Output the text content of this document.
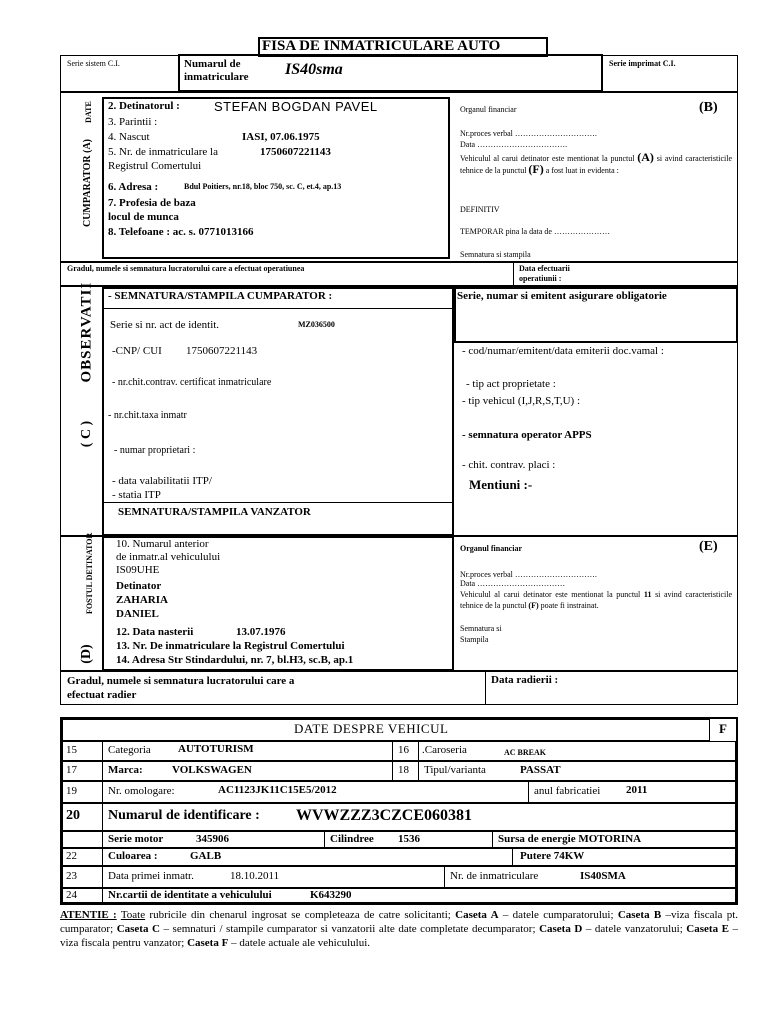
FISA DE INMATRICULARE AUTO
Serie sistem C.I.	Numarul de inmatriculare	IS40sma	Serie imprimat C.I.
DATE
CUMPARATOR (A)
2. Detinatorul :	STEFAN BOGDAN PAVEL
3. Parintii :
4. Nascut	IASI, 07.06.1975
5. Nr. de inmatriculare la	1750607221143
Registrul Comertului
6. Adresa :	Bdul Poitiers, nr.18, bloc 750, sc. C, et.4, ap.13
7. Profesia de baza
locul de munca
8. Telefoane : ac. s. 0771013166
Organul financiar	(B)
Nr.proces verbal ………………………….
Data …………………………….
Vehiculul al carui detinator este mentionat la punctul (A) si avind caracteristicile tehnice de la punctul (F) a fost luat in evidenta :
DEFINITIV
TEMPORAR pina la data de …………………
Semnatura si stampila
Gradul, numele si semnatura lucratorului care a efectuat operatiunea	Data efectuarii operatiunii :
OBSERVATII
( C )
- SEMNATURA/STAMPILA CUMPARATOR :
Serie si nr. act de identit.	MZ036500
-CNP/ CUI 1750607221143
- nr.chit.contrav. certificat inmatriculare
- nr.chit.taxa inmatr
- numar proprietari :
- data valabilitatii ITP/
- statia ITP
SEMNATURA/STAMPILA VANZATOR
Serie, numar si emitent asigurare obligatorie
- cod/numar/emitent/data emiterii doc.vamal :
- tip act proprietate :
- tip vehicul (I,J,R,S,T,U) :
- semnatura operator APPS
- chit. contrav. placi :
Mentiuni :-
FOSTUL DETINATOR
(D)
10. Numarul anterior
de inmatr.al vehiculului
IS09UHE
Detinator
ZAHARIA
DANIEL
12. Data nasterii	13.07.1976
13. Nr. De inmatriculare la Registrul Comertului
14. Adresa Str Stindardului, nr. 7, bl.H3, sc.B, ap.1
Organul financiar	(E)
Nr.proces verbal ………………………….
Data ……………………………
Vehiculul al carui detinator este mentionat la punctul 11 si avind caracteristicile tehnice de la punctul (F) poate fi instrainat.
Semnatura si
Stampila
Gradul, numele si semnatura lucratorului care a efectuat radier
Data radierii :
DATE DESPRE VEHICUL	F
15	Categoria AUTOTURISM	16 .Caroseria	AC BREAK
17	Marca:	VOLKSWAGEN	18 Tipul/varianta	PASSAT
19	Nr. omologare:	AC1123JK11C15E5/2012	anul fabricatiei 2011
20 Numarul de identificare : WVWZZZ3CZCE060381
Serie motor	345906	Cilindree 1536	Sursa de energie MOTORINA
22	Culoarea :	GALB	Putere 74KW
23	Data primei inmatr.	18.10.2011	Nr. de inmatriculare	IS40SMA
24	Nr.cartii de identitate a vehiculului	K643290
ATENTIE : Toate rubricile din chenarul ingrosat se completeaza de catre solicitanti; Caseta A – datele cumparatorului; Caseta B –viza fiscala pt. cumparator; Caseta C – semnaturi / stampile cumparator si vanzatorii alte date completate decumparator; Caseta D – datele vanzatorului; Caseta E – viza fiscala pentru vanzator; Caseta F – datele actuale ale vehiculului.
